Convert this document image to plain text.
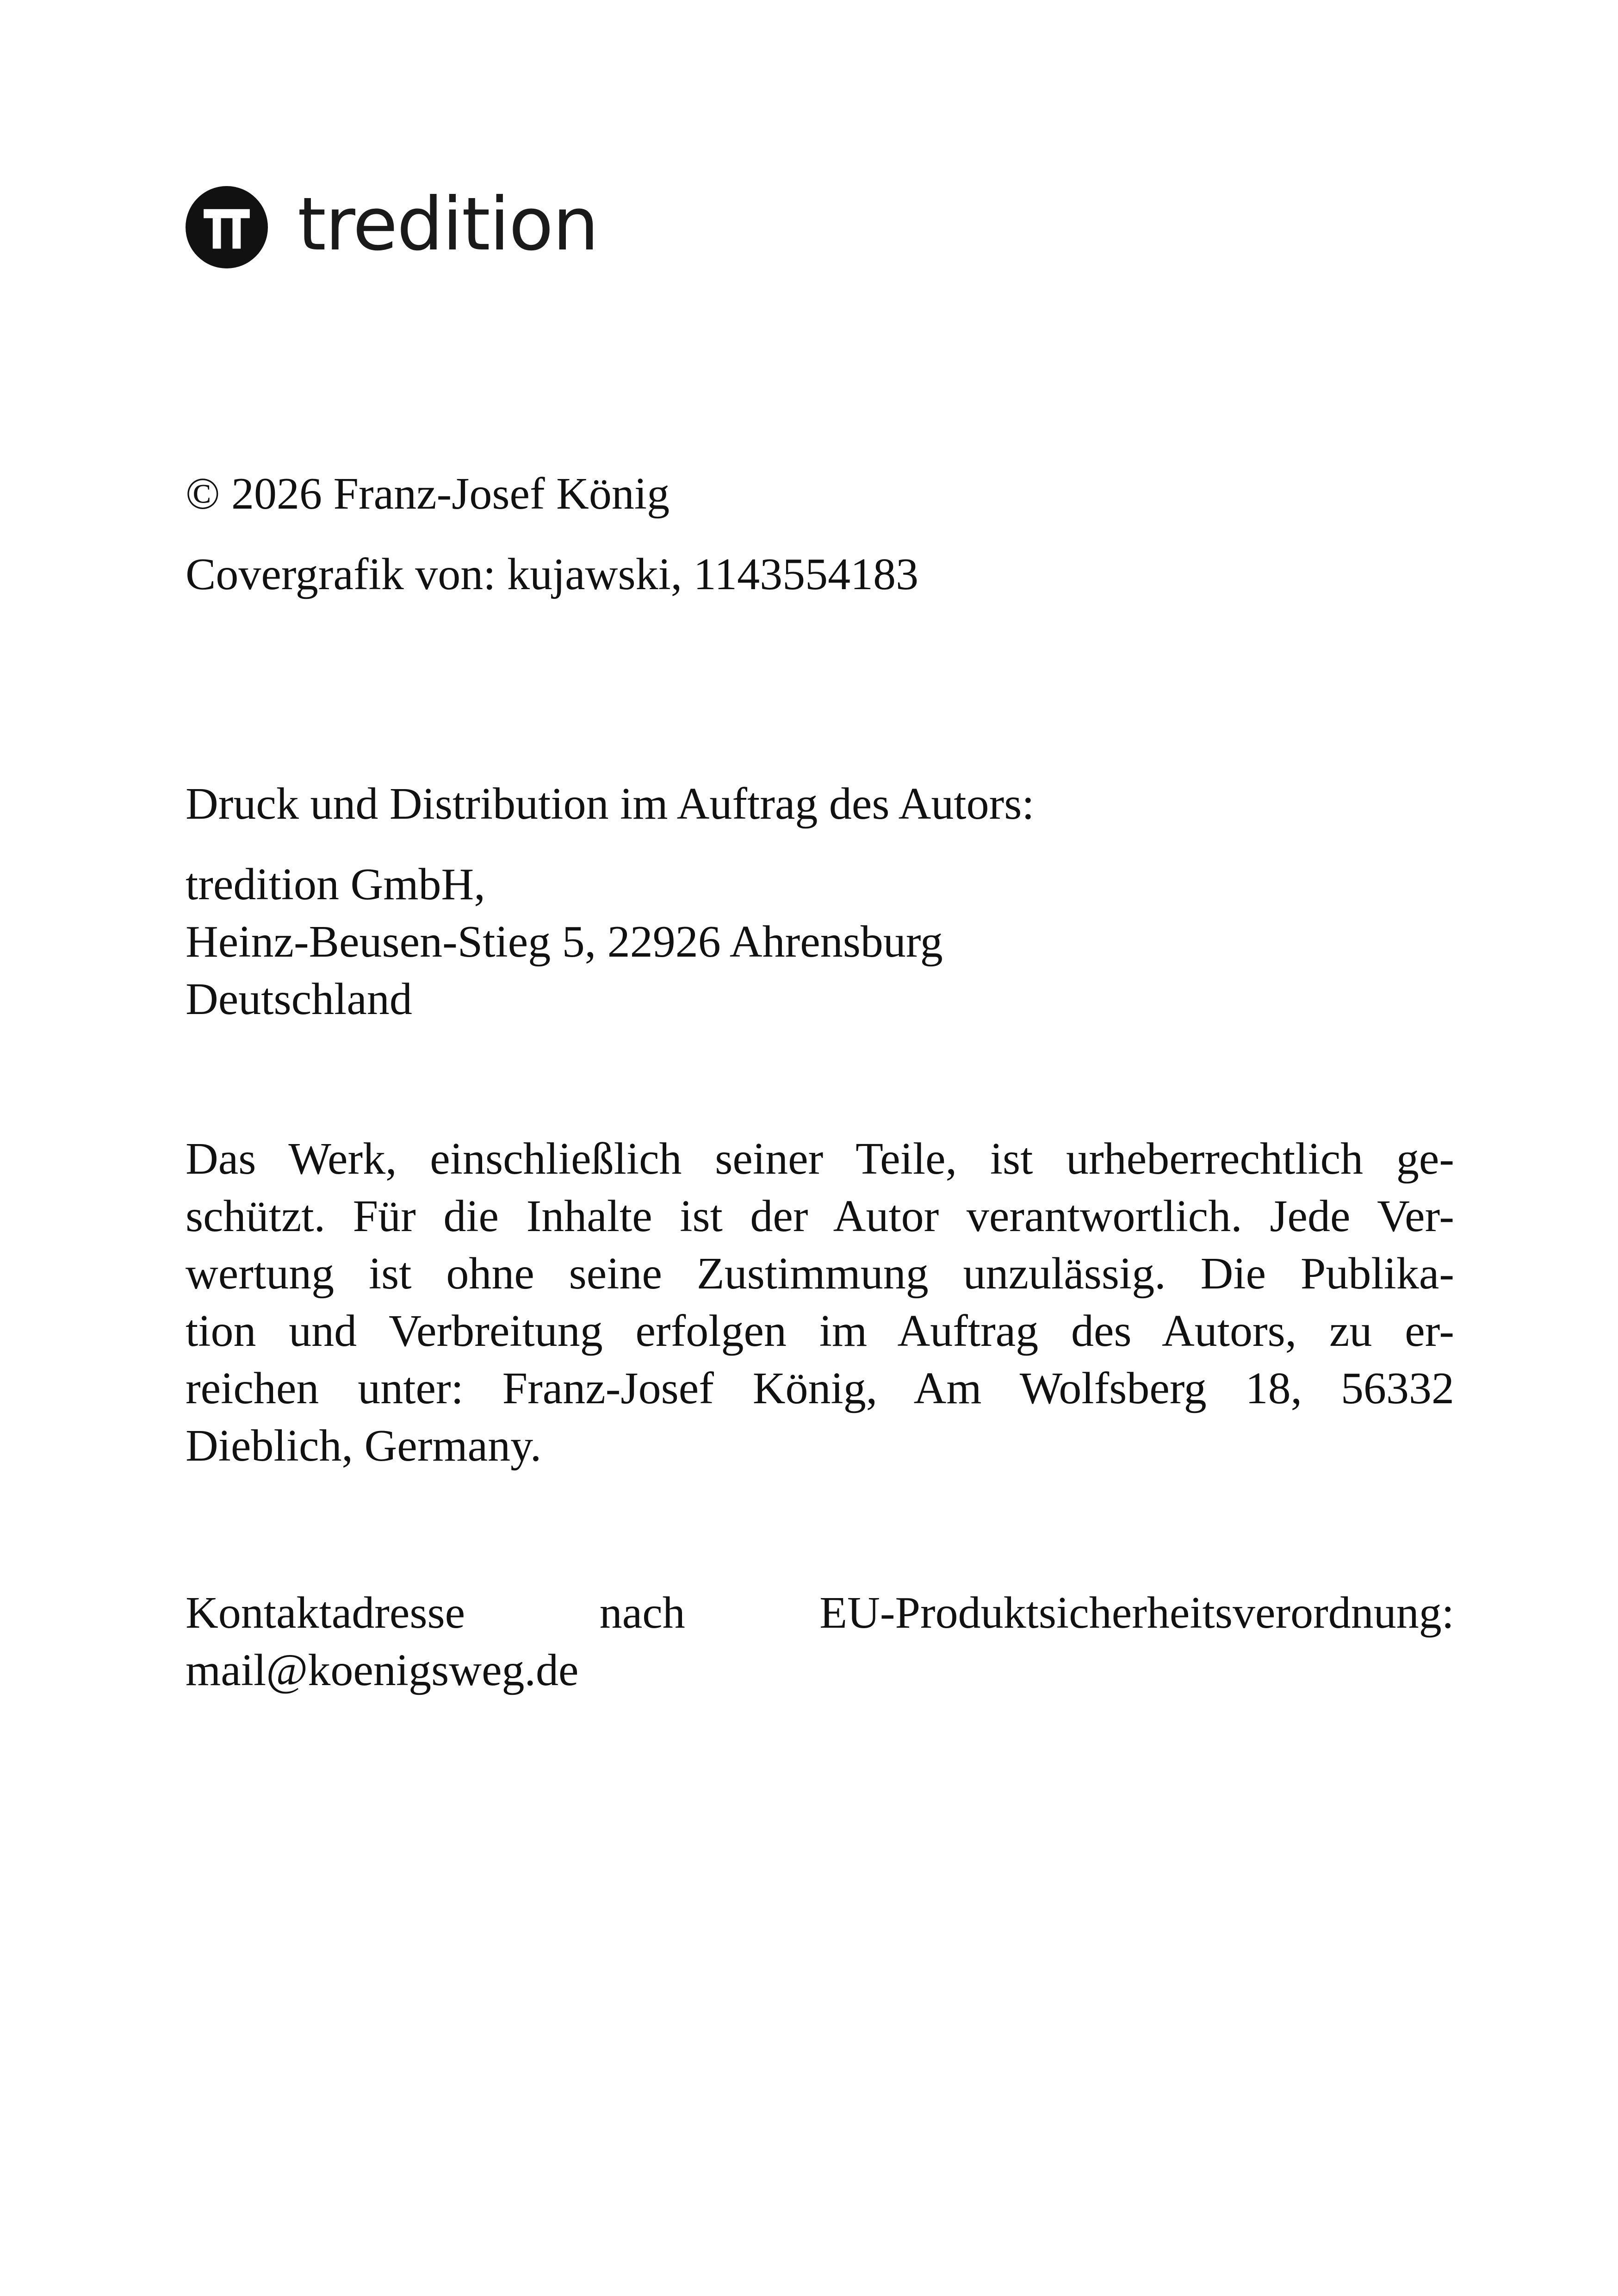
tredition
© 2026 Franz-Josef König
Covergrafik von: kujawski, 1143554183
Druck und Distribution im Auftrag des Autors:
tredition GmbH,
Heinz-Beusen-Stieg 5, 22926 Ahrensburg
Deutschland
Das Werk, einschließlich seiner Teile, ist urheberrechtlich ge-
schützt. Für die Inhalte ist der Autor verantwortlich. Jede Ver-
wertung ist ohne seine Zustimmung unzulässig. Die Publika-
tion und Verbreitung erfolgen im Auftrag des Autors, zu er-
reichen unter: Franz-Josef König, Am Wolfsberg 18, 56332
Dieblich, Germany.
Kontaktadresse nach EU-Produktsicherheitsverordnung:
mail@koenigsweg.de
